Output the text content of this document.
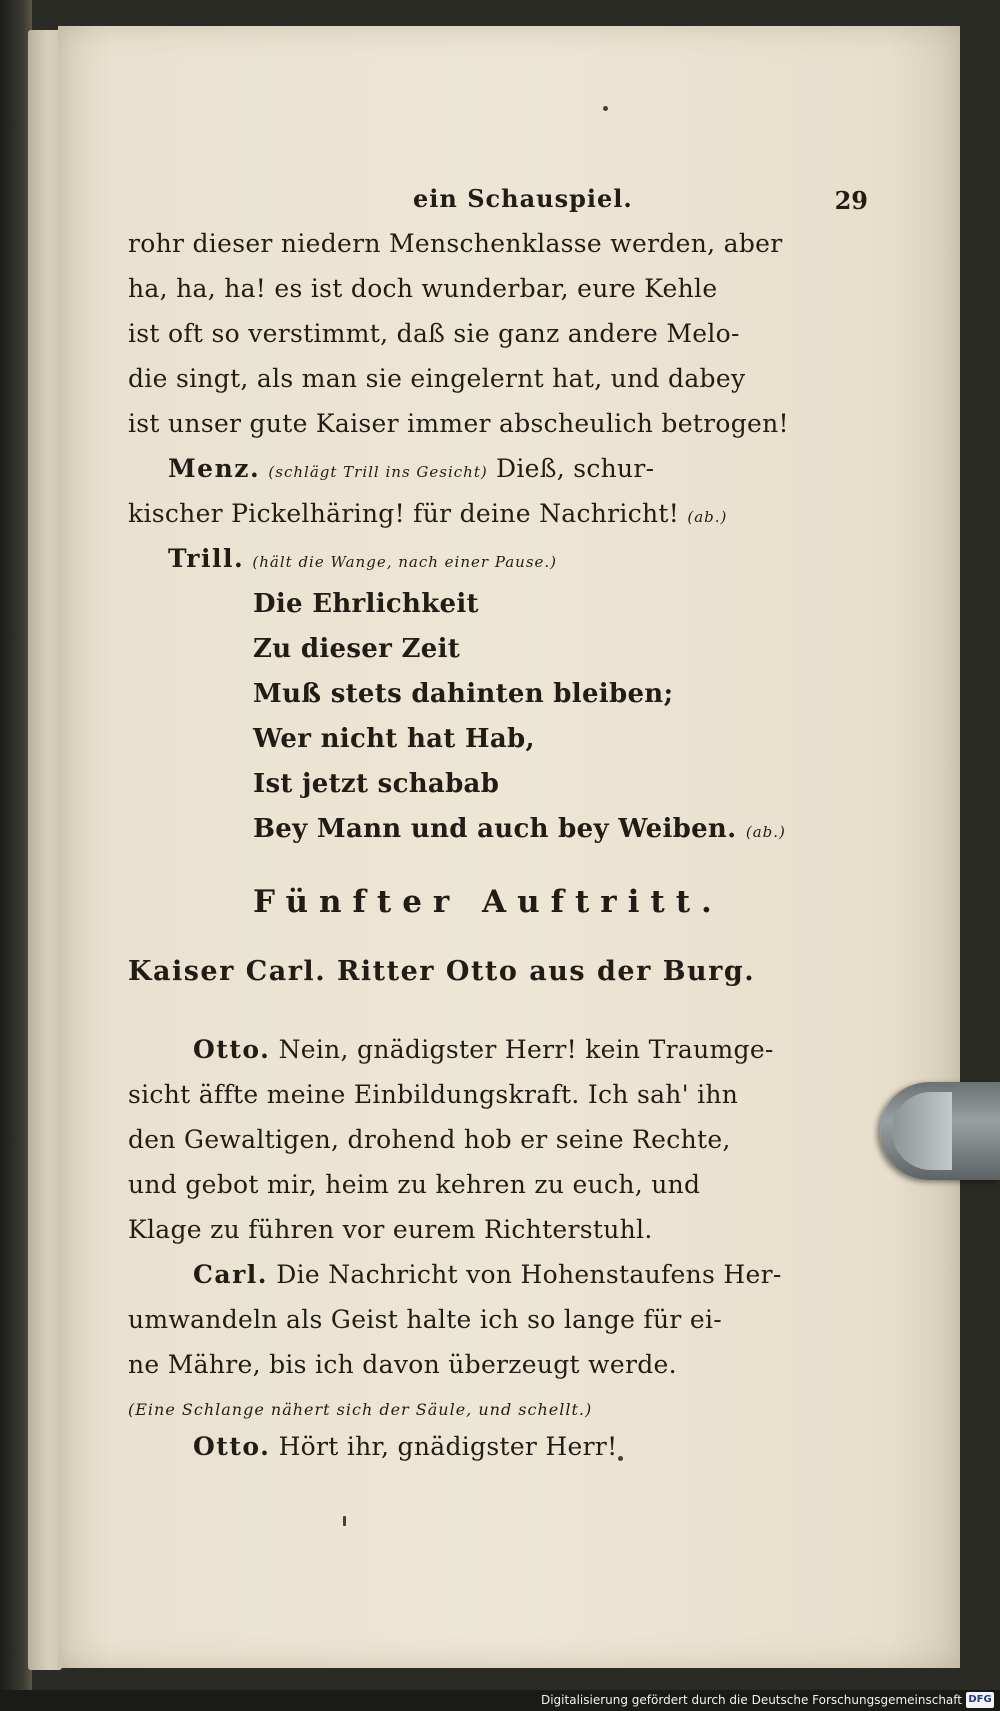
ein Schauspiel.	29
rohr dieser niedern Menschenklasse werden, aber
ha, ha, ha! es ist doch wunderbar, eure Kehle
ist oft so verstimmt, daß sie ganz andere Melo-
die singt, als man sie eingelernt hat, und dabey
ist unser gute Kaiser immer abscheulich betrogen!
Menz. (schlägt Trill ins Gesicht) Dieß, schur-
kischer Pickelhäring! für deine Nachricht! (ab.)
Trill. (hält die Wange, nach einer Pause.)
Die Ehrlichkeit
Zu dieser Zeit
Muß stets dahinten bleiben;
Wer nicht hat Hab,
Ist jetzt schabab
Bey Mann und auch bey Weiben. (ab.)
Fünfter Auftritt.
Kaiser Carl. Ritter Otto aus der Burg.
Otto. Nein, gnädigster Herr! kein Traumge-
sicht äffte meine Einbildungskraft. Ich sah' ihn
den Gewaltigen, drohend hob er seine Rechte,
und gebot mir, heim zu kehren zu euch, und
Klage zu führen vor eurem Richterstuhl.
Carl. Die Nachricht von Hohenstaufens Her-
umwandeln als Geist halte ich so lange für ei-
ne Mähre, bis ich davon überzeugt werde.
(Eine Schlange nähert sich der Säule, und schellt.)
Otto. Hört ihr, gnädigster Herr!
Digitalisierung gefördert durch die Deutsche Forschungsgemeinschaft DFG
